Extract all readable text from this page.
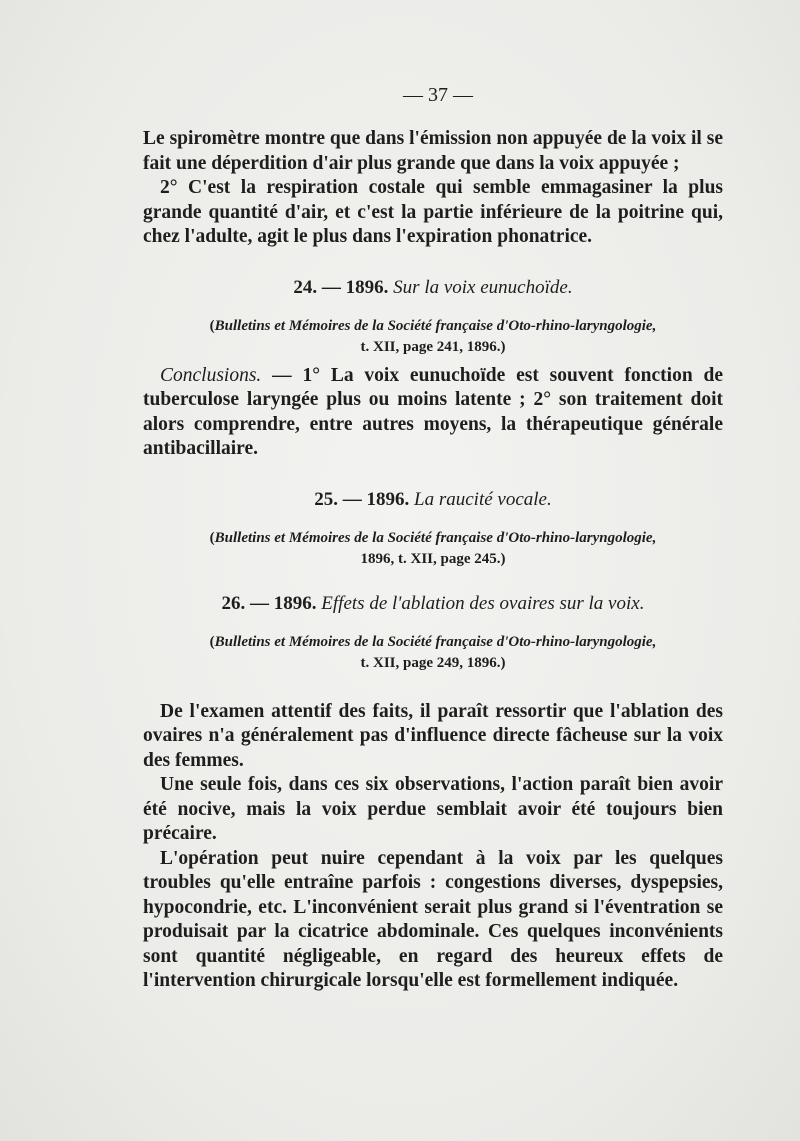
— 37 —

Le spiromètre montre que dans l'émission non appuyée de la voix il se fait une déperdition d'air plus grande que dans la voix appuyée ;

2° C'est la respiration costale qui semble emmagasiner la plus grande quantité d'air, et c'est la partie inférieure de la poitrine qui, chez l'adulte, agit le plus dans l'expiration phonatrice.

24. — 1896. Sur la voix eunuchoïde.
(Bulletins et Mémoires de la Société française d'Oto-rhino-laryngologie,
t. XII, page 241, 1896.)

Conclusions. — 1° La voix eunuchoïde est souvent fonction de tuberculose laryngée plus ou moins latente ; 2° son traitement doit alors comprendre, entre autres moyens, la thérapeutique générale antibacillaire.

25. — 1896. La raucité vocale.
(Bulletins et Mémoires de la Société française d'Oto-rhino-laryngologie,
1896, t. XII, page 245.)
26. — 1896. Effets de l'ablation des ovaires sur la voix.
(Bulletins et Mémoires de la Société française d'Oto-rhino-laryngologie,
t. XII, page 249, 1896.)

De l'examen attentif des faits, il paraît ressortir que l'ablation des ovaires n'a généralement pas d'influence directe fâcheuse sur la voix des femmes.

Une seule fois, dans ces six observations, l'action paraît bien avoir été nocive, mais la voix perdue semblait avoir été toujours bien précaire.

L'opération peut nuire cependant à la voix par les quelques troubles qu'elle entraîne parfois : congestions diverses, dyspepsies, hypocondrie, etc. L'inconvénient serait plus grand si l'éventration se produisait par la cicatrice abdominale. Ces quelques inconvénients sont quantité négligeable, en regard des heureux effets de l'intervention chirurgicale lorsqu'elle est formellement indiquée.
